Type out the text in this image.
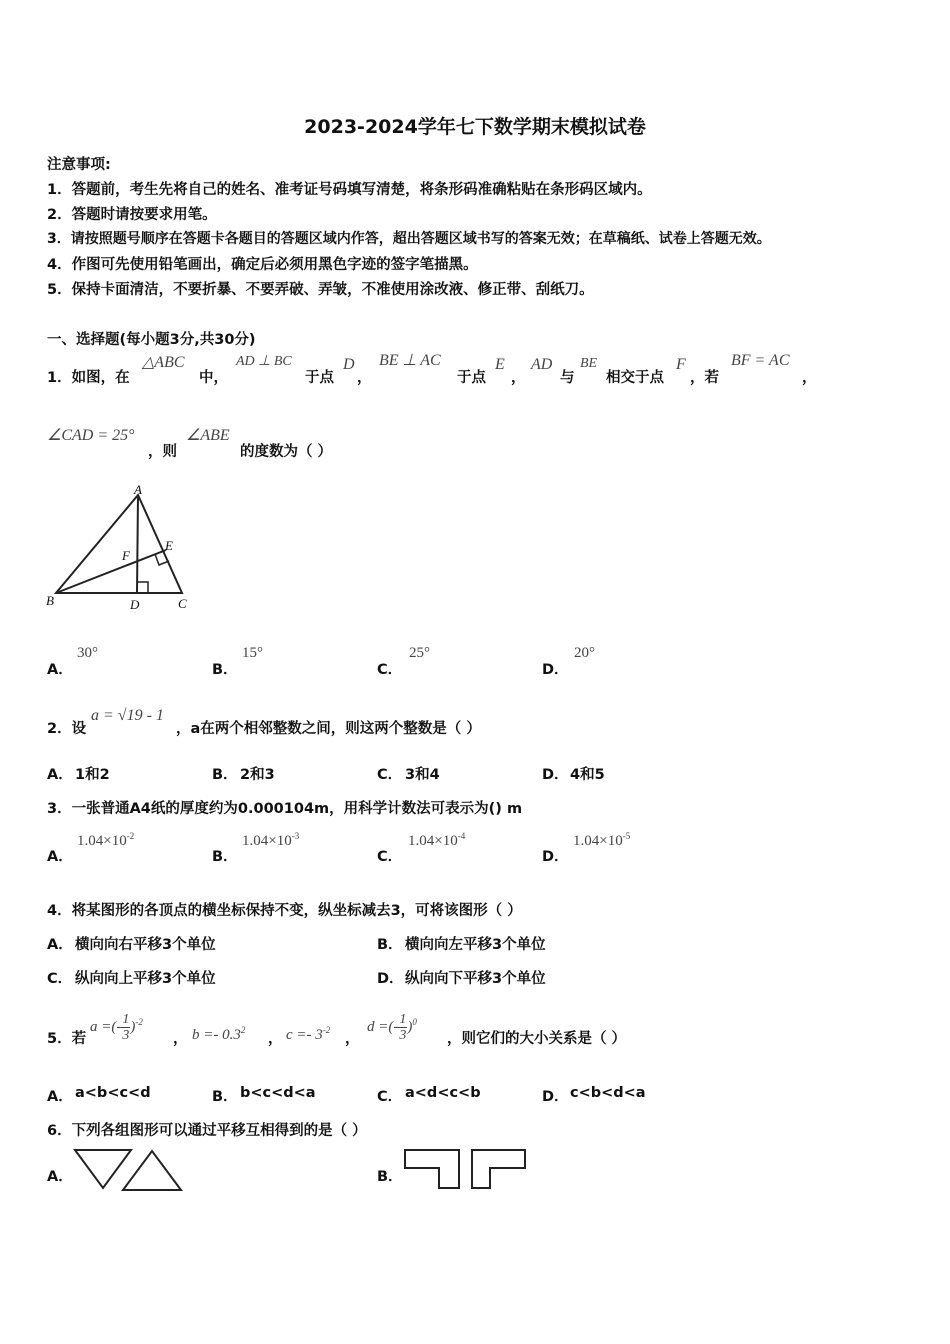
2023-2024学年七下数学期末模拟试卷
注意事项:
1．答题前，考生先将自己的姓名、准考证号码填写清楚，将条形码准确粘贴在条形码区域内。
2．答题时请按要求用笔。
3．请按照题号顺序在答题卡各题目的答题区域内作答，超出答题区域书写的答案无效；在草稿纸、试卷上答题无效。
4．作图可先使用铅笔画出，确定后必须用黑色字迹的签字笔描黑。
5．保持卡面清洁，不要折暴、不要弄破、弄皱，不准使用涂改液、修正带、刮纸刀。
一、选择题(每小题3分,共30分)
1．如图，在
△ABC
中，
AD ⊥ BC
于点
D
，
BE ⊥ AC
于点
E
，
AD
与
BE
相交于点
F
，若
BF = AC
，
∠CAD = 25°
，则
∠ABE
的度数为（ ）
A
B	C
D
E
F
A．
30°
B．
15°
C．
25°
D．
20°
2．设
a = √19 - 1
，a在两个相邻整数之间，则这两个整数是（ ）
A． 1和2	B． 2和3	C． 3和4	D． 4和5
3．一张普通A4纸的厚度约为0.000104m，用科学计数法可表示为() m
A．
$1.04\times 10^{-2}$
B．
$1.04\times 10^{-3}$
C．
$1.04\times 10^{-4}$
D．
$1.04\times 10^{-5}$
4．将某图形的各顶点的横坐标保持不变，纵坐标减去3，可将该图形（ ）
A． 横向向右平移3个单位	B． 横向向左平移3个单位
C． 纵向向上平移3个单位	D． 纵向向下平移3个单位
5．若
a =(- $\frac{1}{3} )^{-2}$
， $b =- 0.3^2$
， $c =- 3^{-2}$
，
d =(- $\frac{1}{3} )^0$
，则它们的大小关系是（ ）
A． a<b<c<d	B． b<c<d<a	C． a<d<c<b	D． c<b<d<a
6．下列各组图形可以通过平移互相得到的是（ ）
A．	B．
